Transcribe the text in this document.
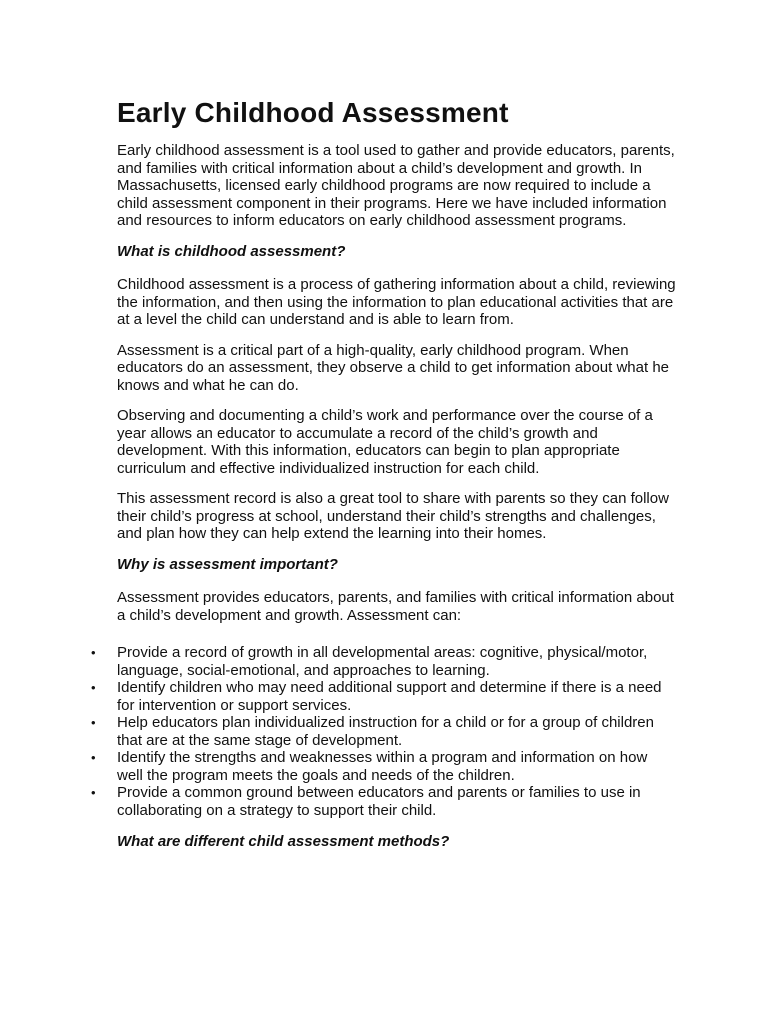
Early Childhood Assessment

Early childhood assessment is a tool used to gather and provide educators, parents, and families with critical information about a child’s development and growth. In Massachusetts, licensed early childhood programs are now required to include a child assessment component in their programs. Here we have included information and resources to inform educators on early childhood assessment programs.

What is childhood assessment?

Childhood assessment is a process of gathering information about a child, reviewing the information, and then using the information to plan educational activities that are at a level the child can understand and is able to learn from.

Assessment is a critical part of a high-quality, early childhood program. When educators do an assessment, they observe a child to get information about what he knows and what he can do.

Observing and documenting a child’s work and performance over the course of a year allows an educator to accumulate a record of the child’s growth and development. With this information, educators can begin to plan appropriate curriculum and effective individualized instruction for each child.

This assessment record is also a great tool to share with parents so they can follow their child’s progress at school, understand their child’s strengths and challenges, and plan how they can help extend the learning into their homes.

Why is assessment important?

Assessment provides educators, parents, and families with critical information about a child’s development and growth. Assessment can:

• Provide a record of growth in all developmental areas: cognitive, physical/motor, language, social-emotional, and approaches to learning.
• Identify children who may need additional support and determine if there is a need for intervention or support services.
• Help educators plan individualized instruction for a child or for a group of children that are at the same stage of development.
• Identify the strengths and weaknesses within a program and information on how well the program meets the goals and needs of the children.
• Provide a common ground between educators and parents or families to use in collaborating on a strategy to support their child.

What are different child assessment methods?
